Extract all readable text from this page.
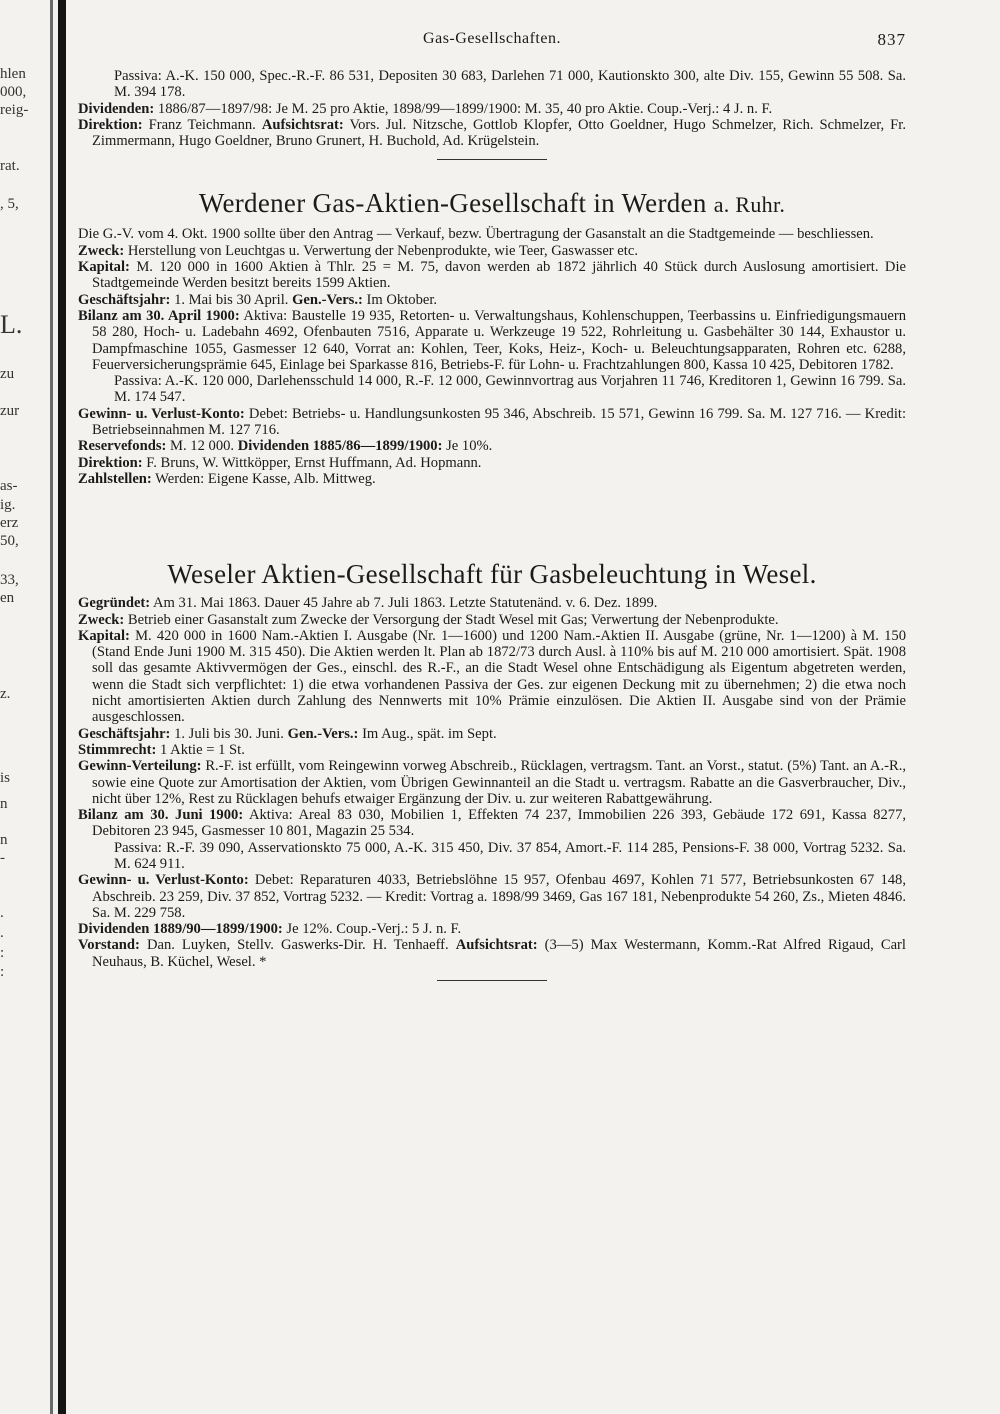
hlen
000,
reig-
rat.
, 5,
L.
zu
zur
as-
ig.
erz
50,
33,
en
z.
is
n
n
-
.
.
:
:
Gas-Gesellschaften.	837

Passiva: A.-K. 150 000, Spec.-R.-F. 86 531, Depositen 30 683, Darlehen 71 000, Kautionskto 300, alte Div. 155, Gewinn 55 508. Sa. M. 394 178.

Dividenden: 1886/87—1897/98: Je M. 25 pro Aktie, 1898/99—1899/1900: M. 35, 40 pro Aktie. Coup.-Verj.: 4 J. n. F.

Direktion: Franz Teichmann. Aufsichtsrat: Vors. Jul. Nitzsche, Gottlob Klopfer, Otto Goeldner, Hugo Schmelzer, Rich. Schmelzer, Fr. Zimmermann, Hugo Goeldner, Bruno Grunert, H. Buchold, Ad. Krügelstein.

Werdener Gas-Aktien-Gesellschaft in Werden a. Ruhr.

Die G.-V. vom 4. Okt. 1900 sollte über den Antrag — Verkauf, bezw. Übertragung der Gasanstalt an die Stadtgemeinde — beschliessen.

Zweck: Herstellung von Leuchtgas u. Verwertung der Nebenprodukte, wie Teer, Gaswasser etc.

Kapital: M. 120 000 in 1600 Aktien à Thlr. 25 = M. 75, davon werden ab 1872 jährlich 40 Stück durch Auslosung amortisiert. Die Stadtgemeinde Werden besitzt bereits 1599 Aktien.

Geschäftsjahr: 1. Mai bis 30 April. Gen.-Vers.: Im Oktober.

Bilanz am 30. April 1900: Aktiva: Baustelle 19 935, Retorten- u. Verwaltungshaus, Kohlenschuppen, Teerbassins u. Einfriedigungsmauern 58 280, Hoch- u. Ladebahn 4692, Ofenbauten 7516, Apparate u. Werkzeuge 19 522, Rohrleitung u. Gasbehälter 30 144, Exhaustor u. Dampfmaschine 1055, Gasmesser 12 640, Vorrat an: Kohlen, Teer, Koks, Heiz-, Koch- u. Beleuchtungsapparaten, Rohren etc. 6288, Feuerversicherungsprämie 645, Einlage bei Sparkasse 816, Betriebs-F. für Lohn- u. Frachtzahlungen 800, Kassa 10 425, Debitoren 1782.

Passiva: A.-K. 120 000, Darlehensschuld 14 000, R.-F. 12 000, Gewinnvortrag aus Vorjahren 11 746, Kreditoren 1, Gewinn 16 799. Sa. M. 174 547.

Gewinn- u. Verlust-Konto: Debet: Betriebs- u. Handlungsunkosten 95 346, Abschreib. 15 571, Gewinn 16 799. Sa. M. 127 716. — Kredit: Betriebseinnahmen M. 127 716.

Reservefonds: M. 12 000. Dividenden 1885/86—1899/1900: Je 10%.

Direktion: F. Bruns, W. Wittköpper, Ernst Huffmann, Ad. Hopmann.

Zahlstellen: Werden: Eigene Kasse, Alb. Mittweg.

Weseler Aktien-Gesellschaft für Gasbeleuchtung in Wesel.

Gegründet: Am 31. Mai 1863. Dauer 45 Jahre ab 7. Juli 1863. Letzte Statutenänd. v. 6. Dez. 1899.

Zweck: Betrieb einer Gasanstalt zum Zwecke der Versorgung der Stadt Wesel mit Gas; Verwertung der Nebenprodukte.

Kapital: M. 420 000 in 1600 Nam.-Aktien I. Ausgabe (Nr. 1—1600) und 1200 Nam.-Aktien II. Ausgabe (grüne, Nr. 1—1200) à M. 150 (Stand Ende Juni 1900 M. 315 450). Die Aktien werden lt. Plan ab 1872/73 durch Ausl. à 110% bis auf M. 210 000 amortisiert. Spät. 1908 soll das gesamte Aktivvermögen der Ges., einschl. des R.-F., an die Stadt Wesel ohne Entschädigung als Eigentum abgetreten werden, wenn die Stadt sich verpflichtet: 1) die etwa vorhandenen Passiva der Ges. zur eigenen Deckung mit zu übernehmen; 2) die etwa noch nicht amortisierten Aktien durch Zahlung des Nennwerts mit 10% Prämie einzulösen. Die Aktien II. Ausgabe sind von der Prämie ausgeschlossen.

Geschäftsjahr: 1. Juli bis 30. Juni. Gen.-Vers.: Im Aug., spät. im Sept.

Stimmrecht: 1 Aktie = 1 St.

Gewinn-Verteilung: R.-F. ist erfüllt, vom Reingewinn vorweg Abschreib., Rücklagen, vertragsm. Tant. an Vorst., statut. (5%) Tant. an A.-R., sowie eine Quote zur Amortisation der Aktien, vom Übrigen Gewinnanteil an die Stadt u. vertragsm. Rabatte an die Gasverbraucher, Div., nicht über 12%, Rest zu Rücklagen behufs etwaiger Ergänzung der Div. u. zur weiteren Rabattgewährung.

Bilanz am 30. Juni 1900: Aktiva: Areal 83 030, Mobilien 1, Effekten 74 237, Immobilien 226 393, Gebäude 172 691, Kassa 8277, Debitoren 23 945, Gasmesser 10 801, Magazin 25 534.

Passiva: R.-F. 39 090, Asservationskto 75 000, A.-K. 315 450, Div. 37 854, Amort.-F. 114 285, Pensions-F. 38 000, Vortrag 5232. Sa. M. 624 911.

Gewinn- u. Verlust-Konto: Debet: Reparaturen 4033, Betriebslöhne 15 957, Ofenbau 4697, Kohlen 71 577, Betriebsunkosten 67 148, Abschreib. 23 259, Div. 37 852, Vortrag 5232. — Kredit: Vortrag a. 1898/99 3469, Gas 167 181, Nebenprodukte 54 260, Zs., Mieten 4846. Sa. M. 229 758.

Dividenden 1889/90—1899/1900: Je 12%. Coup.-Verj.: 5 J. n. F.

Vorstand: Dan. Luyken, Stellv. Gaswerks-Dir. H. Tenhaeff. Aufsichtsrat: (3—5) Max Westermann, Komm.-Rat Alfred Rigaud, Carl Neuhaus, B. Küchel, Wesel. *
